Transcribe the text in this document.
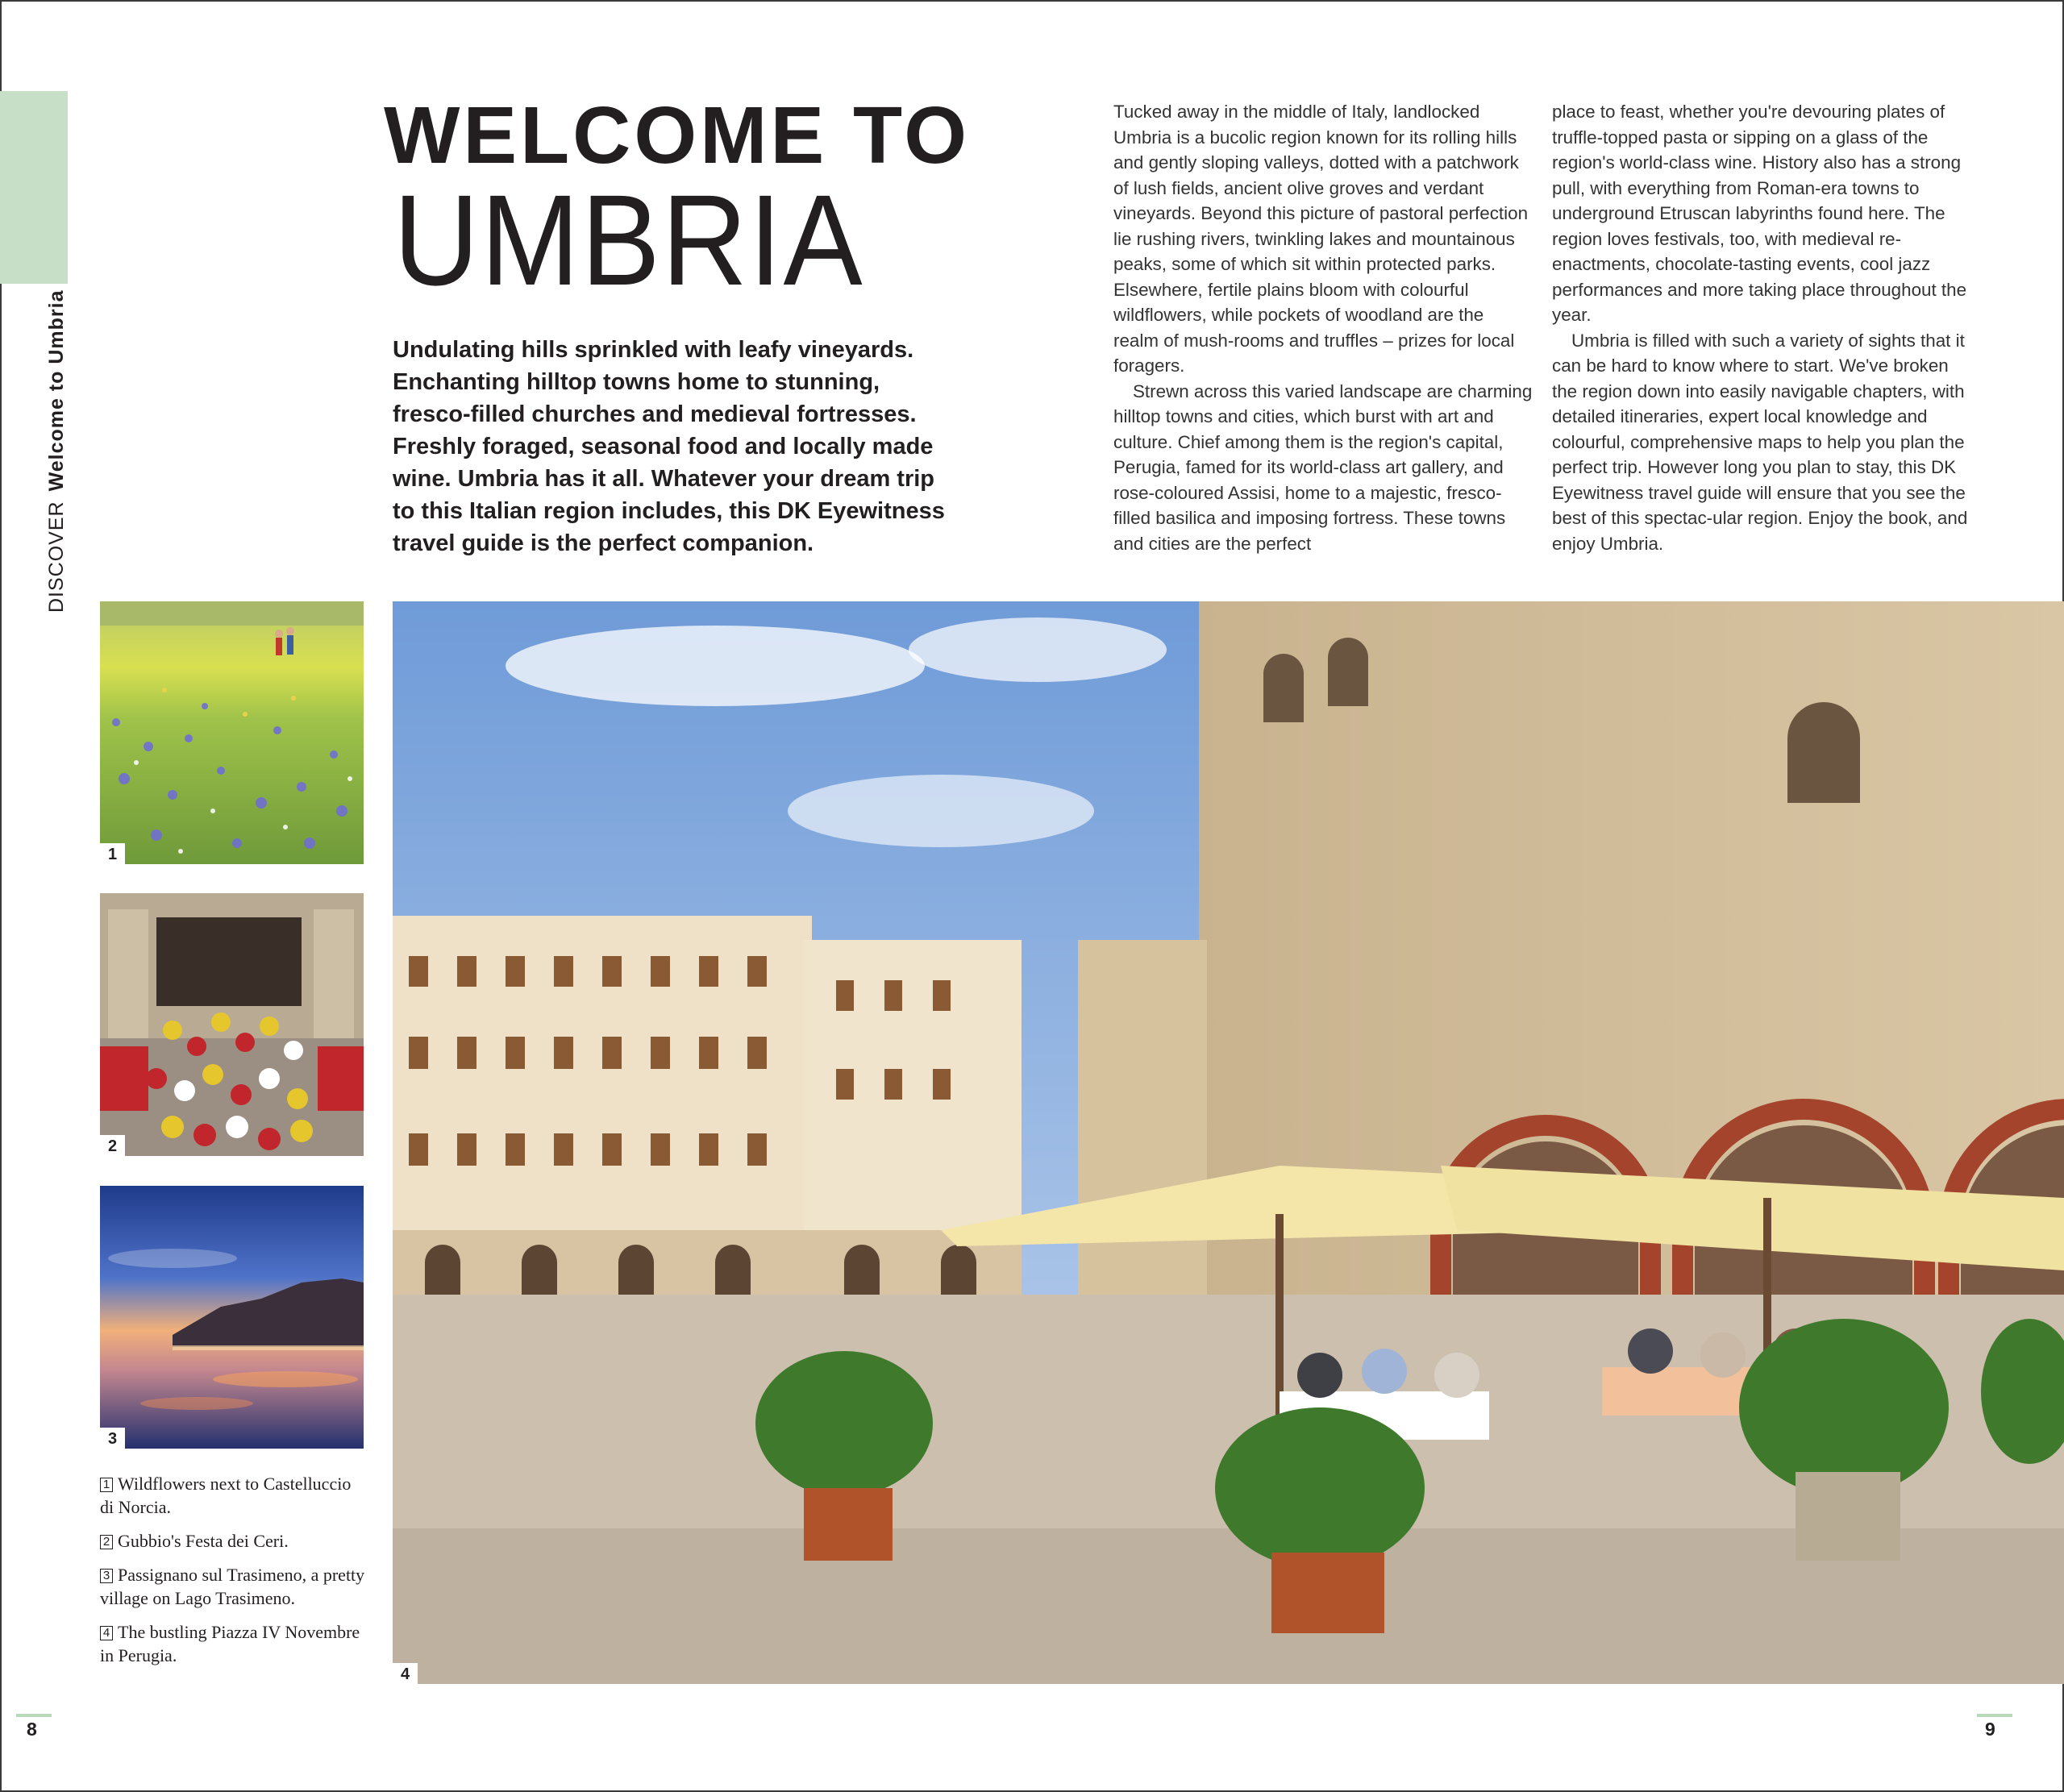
DISCOVERWelcome to Umbria
WELCOME TO
UMBRIA
Undulating hills sprinkled with leafy vineyards. Enchanting hilltop towns home to stunning, fresco-filled churches and medieval fortresses. Freshly foraged, seasonal food and locally made wine. Umbria has it all. Whatever your dream trip to this Italian region includes, this DK Eyewitness travel guide is the perfect companion.

Tucked away in the middle of Italy, landlocked Umbria is a bucolic region known for its rolling hills and gently sloping valleys, dotted with a patchwork of lush fields, ancient olive groves and verdant vineyards. Beyond this picture of pastoral perfection lie rushing rivers, twinkling lakes and mountainous peaks, some of which sit within protected parks. Elsewhere, fertile plains bloom with colourful wildflowers, while pockets of woodland are the realm of mush-rooms and truffles – prizes for local foragers.

Strewn across this varied landscape are charming hilltop towns and cities, which burst with art and culture. Chief among them is the region's capital, Perugia, famed for its world-class art gallery, and rose-coloured Assisi, home to a majestic, fresco-filled basilica and imposing fortress. These towns and cities are the perfect

place to feast, whether you're devouring plates of truffle-topped pasta or sipping on a glass of the region's world-class wine. History also has a strong pull, with everything from Roman-era towns to underground Etruscan labyrinths found here. The region loves festivals, too, with medieval re-enactments, chocolate-tasting events, cool jazz performances and more taking place throughout the year.

Umbria is filled with such a variety of sights that it can be hard to know where to start. We've broken the region down into easily navigable chapters, with detailed itineraries, expert local knowledge and colourful, comprehensive maps to help you plan the perfect trip. However long you plan to stay, this DK Eyewitness travel guide will ensure that you see the best of this spectac-ular region. Enjoy the book, and enjoy Umbria.

1
2
3
4
1 Wildflowers next to Castelluccio di Norcia.
2 Gubbio's Festa dei Ceri.
3 Passignano sul Trasimeno, a pretty village on Lago Trasimeno.
4 The bustling Piazza IV Novembre in Perugia.
8	9
